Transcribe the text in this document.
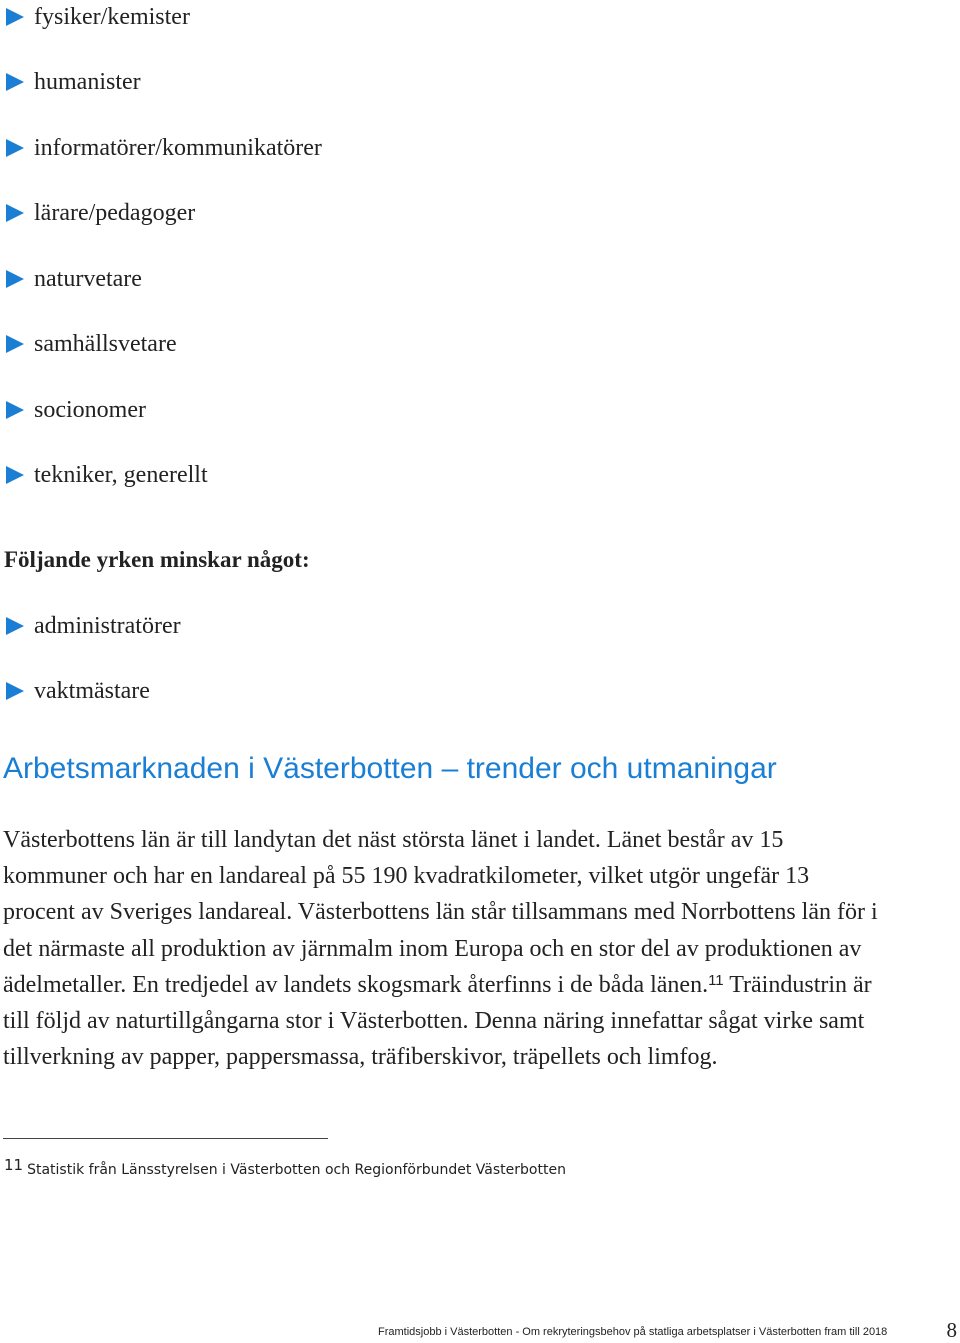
fysiker/kemister
humanister
informatörer/kommunikatörer
lärare/pedagoger
naturvetare
samhällsvetare
socionomer
tekniker, generellt
Följande yrken minskar något:
administratörer
vaktmästare
Arbetsmarknaden i Västerbotten – trender och utmaningar
Västerbottens län är till landytan det näst största länet i landet. Länet består av 15 kommuner och har en landareal på 55 190 kvadratkilometer, vilket utgör ungefär 13 procent av Sveriges landareal. Västerbottens län står tillsammans med Norrbottens län för i det närmaste all produktion av järnmalm inom Europa och en stor del av produktionen av ädelmetaller. En tredjedel av landets skogsmark återfinns i de båda länen.$^{11}$ Träindustrin är till följd av naturtillgångarna stor i Västerbotten. Denna näring innefattar sågat virke samt tillverkning av papper, pappersmassa, träfiberskivor, träpellets och limfog.
11 Statistik från Länsstyrelsen i Västerbotten och Regionförbundet Västerbotten
Framtidsjobb i Västerbotten - Om rekryteringsbehov på statliga arbetsplatser i Västerbotten fram till 2018	8
